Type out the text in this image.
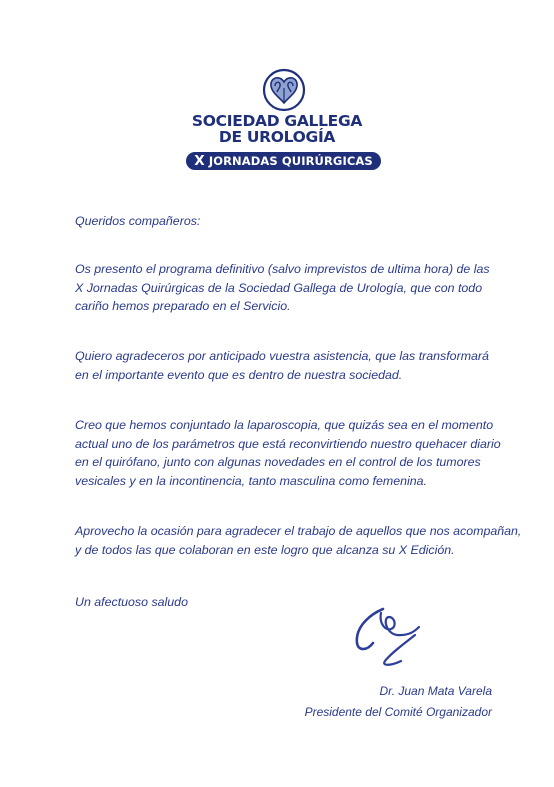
SOCIEDAD GALLEGA
DE UROLOGÍA
X JORNADAS QUIRÚRGICAS

Queridos compañeros:

Os presento el programa definitivo (salvo imprevistos de ultima hora) de las
X Jornadas Quirúrgicas de la Sociedad Gallega de Urología, que con todo
cariño hemos preparado en el Servicio.

Quiero agradeceros por anticipado vuestra asistencia, que las transformará
en el importante evento que es dentro de nuestra sociedad.

Creo que hemos conjuntado la laparoscopia, que quizás sea en el momento
actual uno de los parámetros que está reconvirtiendo nuestro quehacer diario
en el quirófano, junto con algunas novedades en el control de los tumores
vesicales y en la incontinencia, tanto masculina como femenina.

Aprovecho la ocasión para agradecer el trabajo de aquellos que nos acompañan,
y de todos las que colaboran en este logro que alcanza su X Edición.

Un afectuoso saludo

Dr. Juan Mata Varela
Presidente del Comité Organizador
